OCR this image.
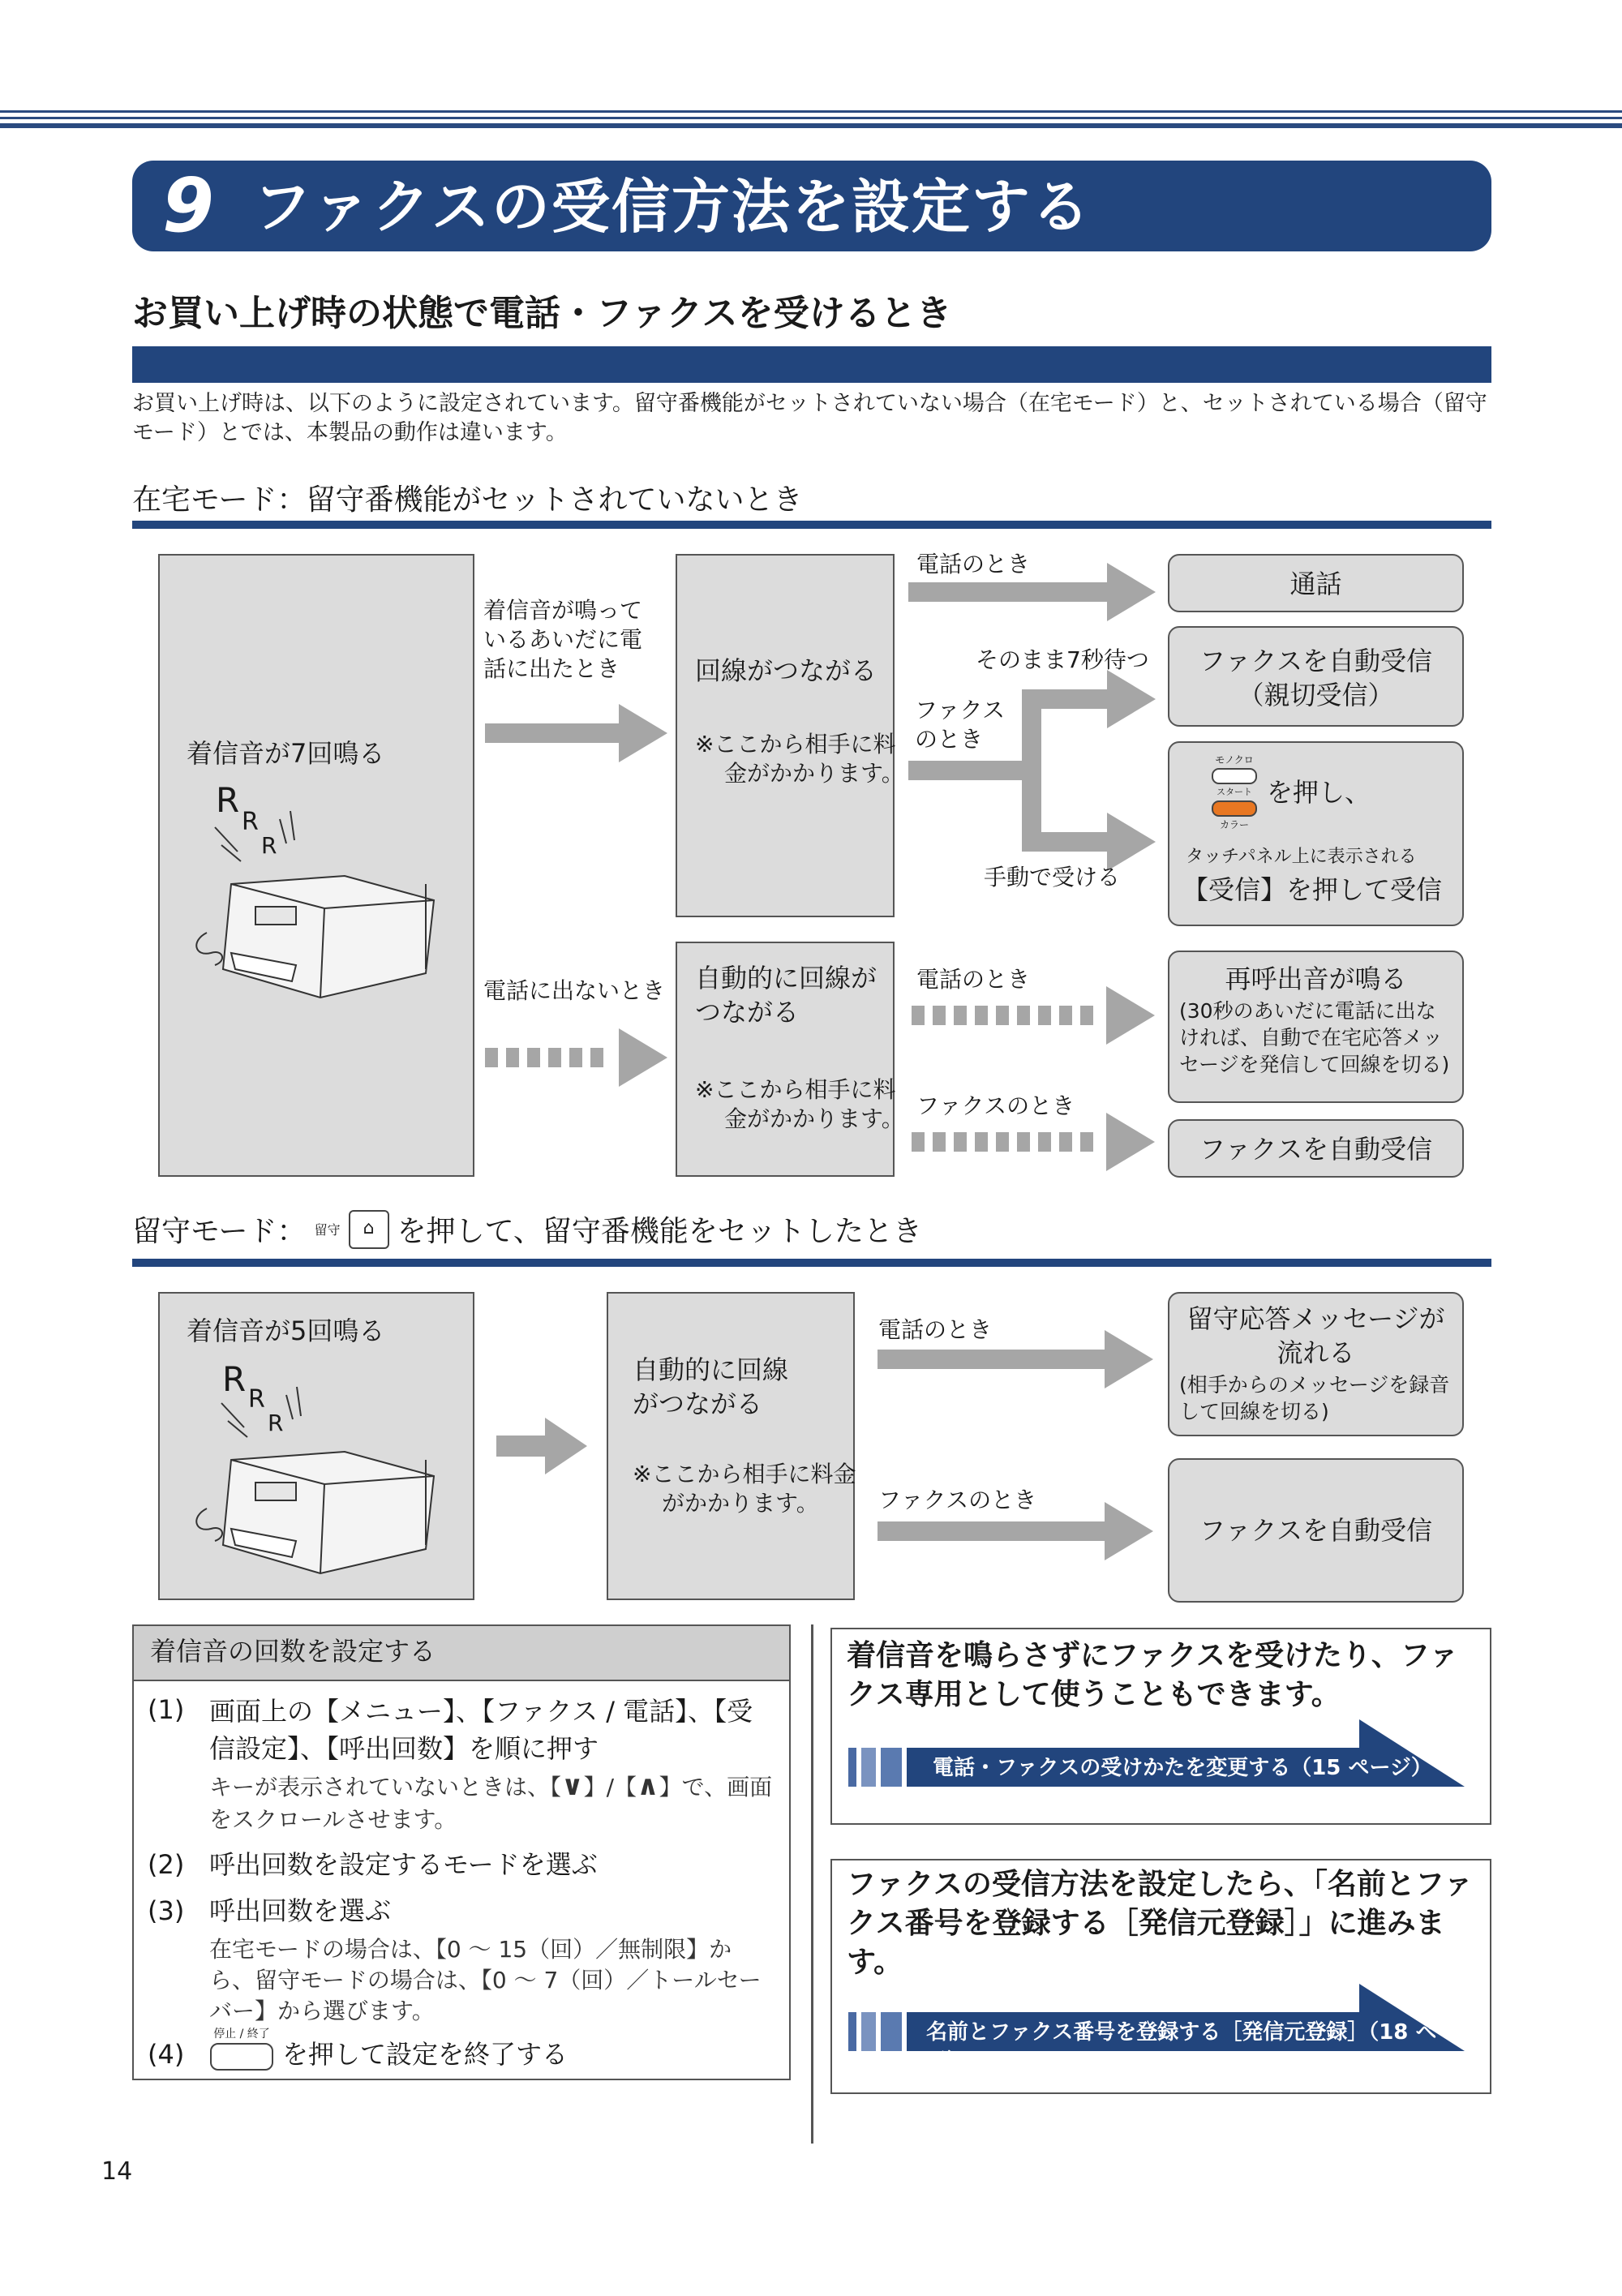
9 ファクスの受信方法を設定する
お買い上げ時の状態で電話・ファクスを受けるとき
お買い上げ時は、以下のように設定されています。留守番機能がセットされていない場合（在宅モード）と、セットされている場合（留守モード）とでは、本製品の動作は違います。
在宅モード：留守番機能がセットされていないとき
着信音が7回鳴る
R
R
R
着信音が鳴っているあいだに電話に出たとき
電話に出ないとき
回線がつながる
※ここから相手に料金がかかります。
自動的に回線がつながる
※ここから相手に料金がかかります。
電話のとき
そのまま7秒待つ
ファクスのとき
手動で受ける
電話のとき
ファクスのとき
通話
ファクスを自動受信
（親切受信）
モノクロ
スタート
カラー
を押し、
タッチパネル上に表示される
【受信】を押して受信
再呼出音が鳴る
(30秒のあいだに電話に出なければ、自動で在宅応答メッセージを発信して回線を切る)
ファクスを自動受信
留守モード： 留守	⌂ を押して、留守番機能をセットしたとき
着信音が5回鳴る
R
R
R
自動的に回線がつながる
※ここから相手に料金がかかります。
電話のとき
ファクスのとき
留守応答メッセージが流れる
(相手からのメッセージを録音して回線を切る)
ファクスを自動受信
着信音の回数を設定する
(1) 画面上の【メニュー】、【ファクス / 電話】、【受信設定】、【呼出回数】を順に押す
キーが表示されていないときは、【∨】/【∧】で、画面をスクロールさせます。
(2) 呼出回数を設定するモードを選ぶ
(3) 呼出回数を選ぶ
在宅モードの場合は、【0 〜 15（回）／無制限】から、留守モードの場合は、【0 〜 7（回）／トールセーバー】から選びます。
(4)
停止 / 終了
を押して設定を終了する
着信音を鳴らさずにファクスを受けたり、ファクス専用として使うこともできます。
電話・ファクスの受けかたを変更する（15 ページ）
ファクスの受信方法を設定したら、「名前とファクス番号を登録する［発信元登録］」に進みます。
名前とファクス番号を登録する［発信元登録］（18 ページ）
14
